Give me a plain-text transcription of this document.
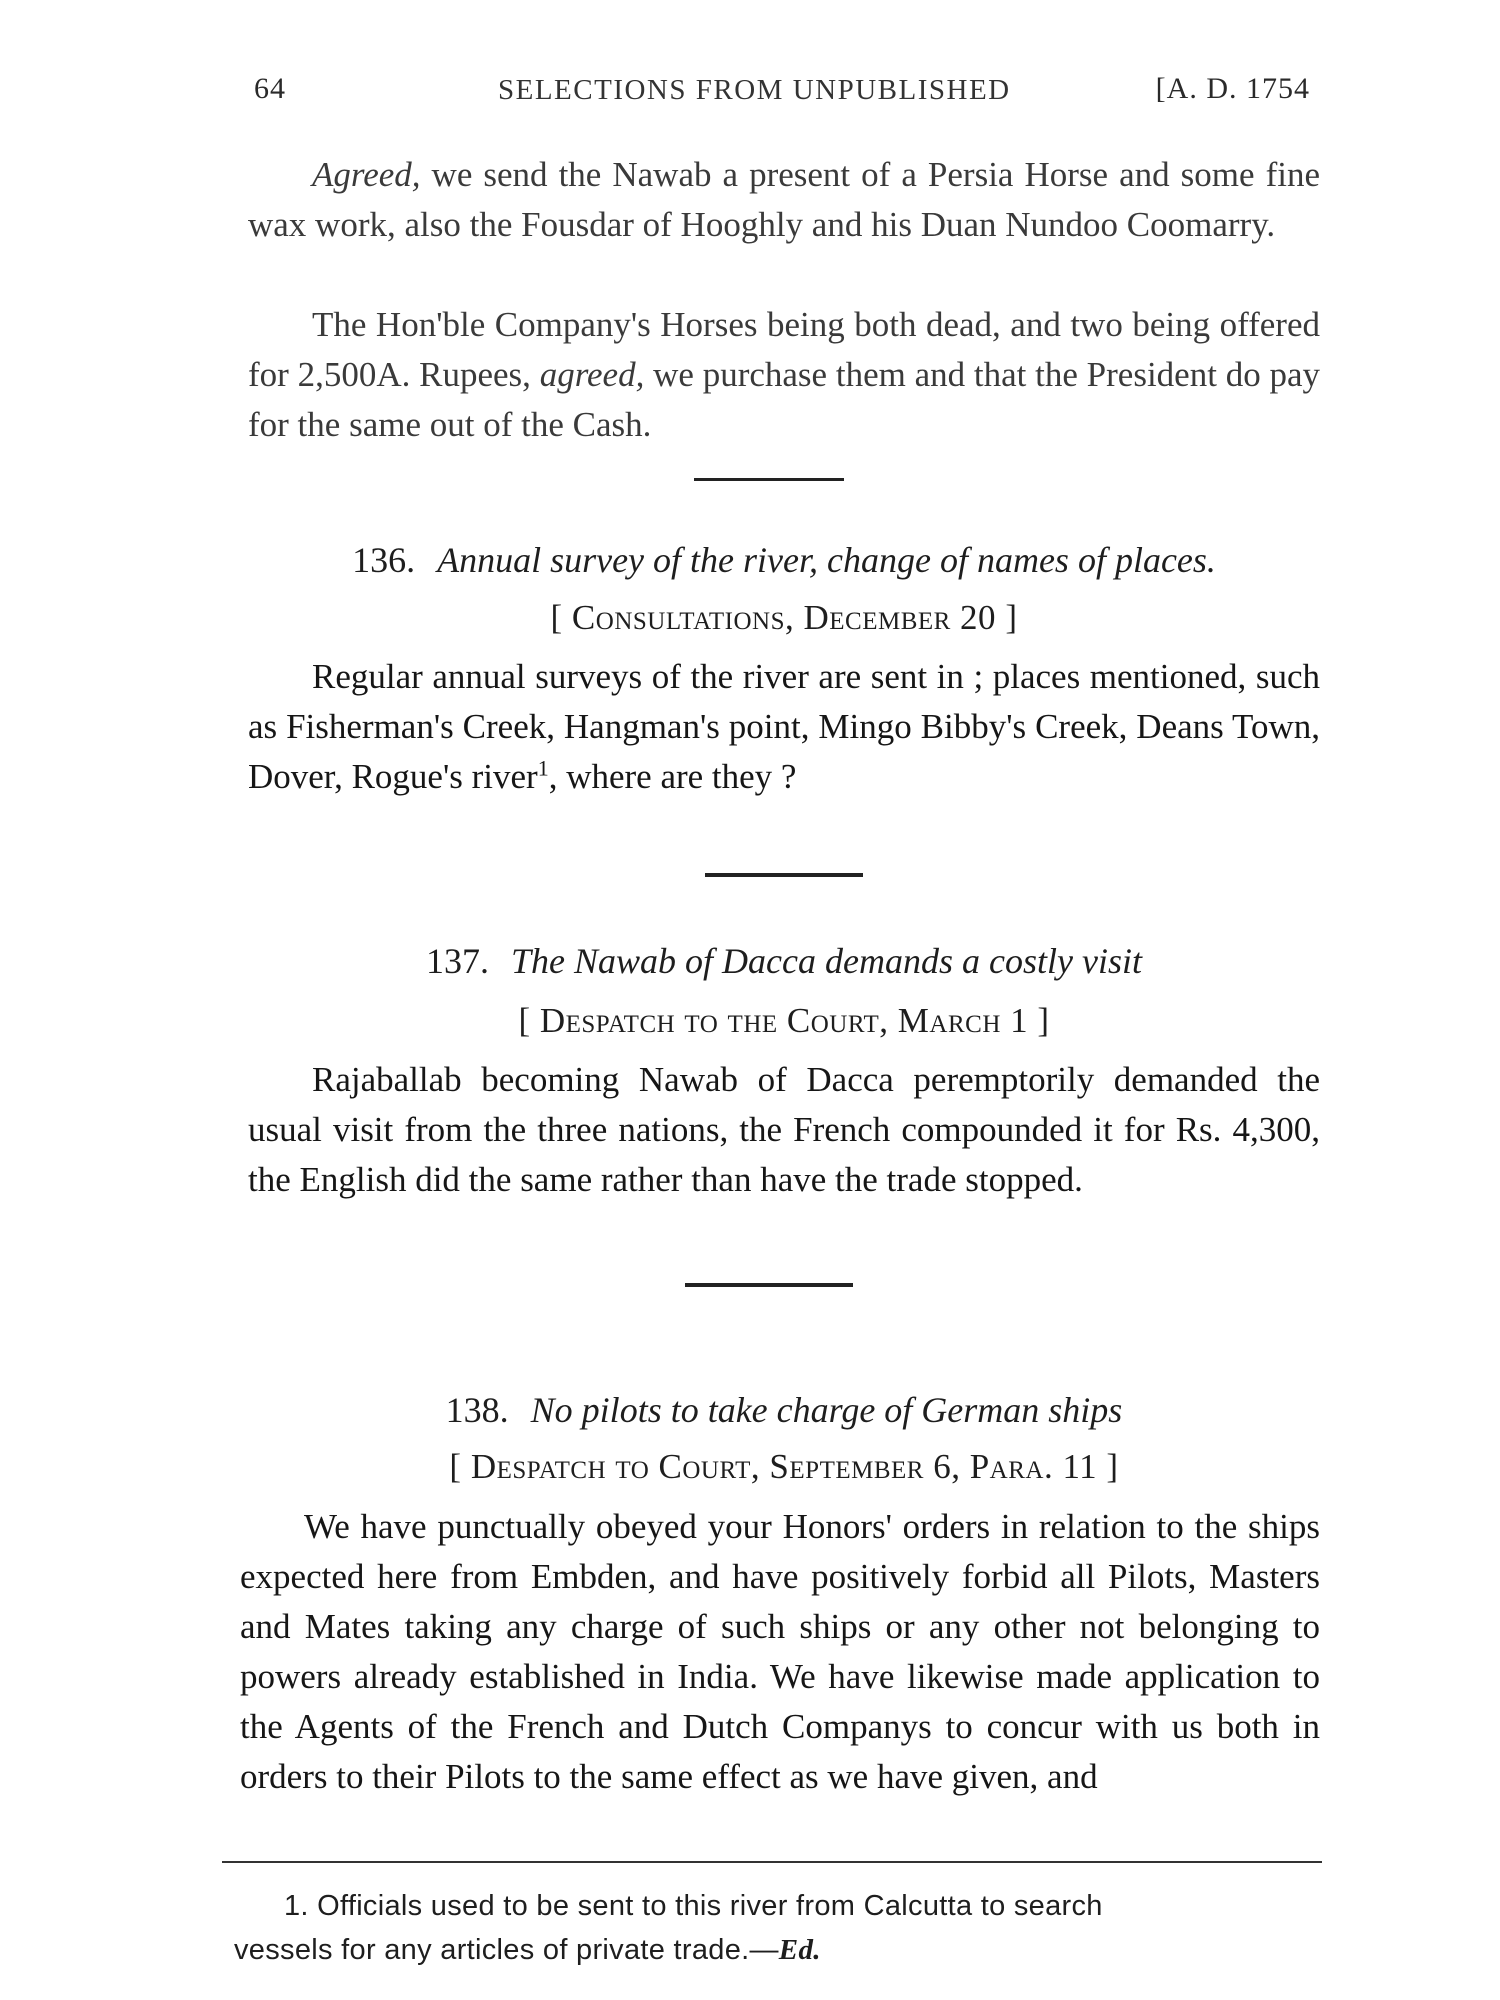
64	SELECTIONS FROM UNPUBLISHED	[A. D. 1754

Agreed, we send the Nawab a present of a Persia Horse and some fine wax work, also the Fousdar of Hooghly and his Duan Nundoo Coomarry.

The Hon'ble Company's Horses being both dead, and two being offered for 2,500A. Rupees, agreed, we purchase them and that the President do pay for the same out of the Cash.

136. Annual survey of the river, change of names of places.

[ Consultations, December 20 ]

Regular annual surveys of the river are sent in ; places mentioned, such as Fisherman's Creek, Hangman's point, Mingo Bibby's Creek, Deans Town, Dover, Rogue's river$^1$, where are they ?

137. The Nawab of Dacca demands a costly visit

[ Despatch to the Court, March 1 ]

Rajaballab becoming Nawab of Dacca peremptorily demanded the usual visit from the three nations, the French compounded it for Rs. 4,300, the English did the same rather than have the trade stopped.

138. No pilots to take charge of German ships

[ Despatch to Court, September 6, Para. 11 ]

We have punctually obeyed your Honors' orders in relation to the ships expected here from Embden, and have positively forbid all Pilots, Masters and Mates taking any charge of such ships or any other not belonging to powers already established in India. We have likewise made application to the Agents of the French and Dutch Companys to concur with us both in orders to their Pilots to the same effect as we have given, and

1. Officials used to be sent to this river from Calcutta to search

vessels for any articles of private trade.—Ed.
